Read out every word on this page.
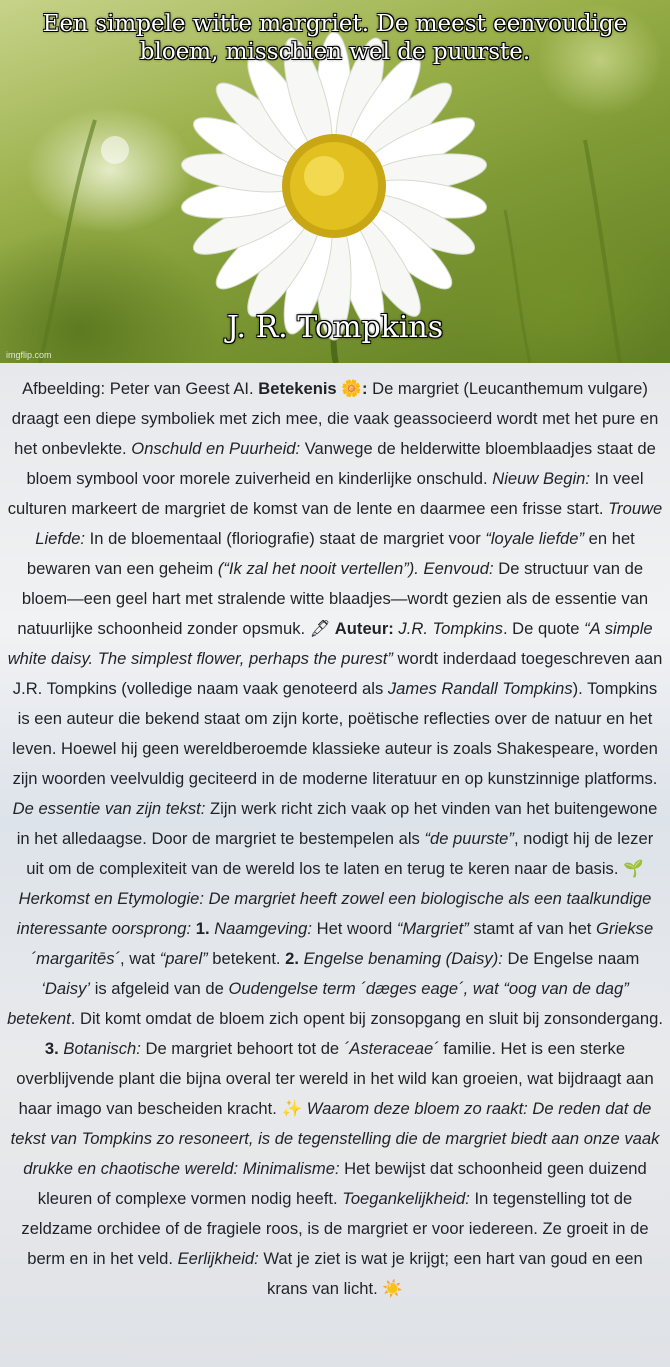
Een simpele witte margriet. De meest eenvoudige bloem, misschien wel de puurste.
J. R. Tompkins
imgflip.com
Afbeelding: Peter van Geest AI. Betekenis 🌼: De margriet (Leucanthemum vulgare) draagt een diepe symboliek met zich mee, die vaak geassocieerd wordt met het pure en het onbevlekte. Onschuld en Puurheid: Vanwege de helderwitte bloemblaadjes staat de bloem symbool voor morele zuiverheid en kinderlijke onschuld. Nieuw Begin: In veel culturen markeert de margriet de komst van de lente en daarmee een frisse start. Trouwe Liefde: In de bloementaal (floriografie) staat de margriet voor “loyale liefde” en het bewaren van een geheim (“Ik zal het nooit vertellen”). Eenvoud: De structuur van de bloem—een geel hart met stralende witte blaadjes—wordt gezien als de essentie van natuurlijke schoonheid zonder opsmuk. 🖋 Auteur: J.R. Tompkins. De quote “A simple white daisy. The simplest flower, perhaps the purest” wordt inderdaad toegeschreven aan J.R. Tompkins (volledige naam vaak genoteerd als James Randall Tompkins). Tompkins is een auteur die bekend staat om zijn korte, poëtische reflecties over de natuur en het leven. Hoewel hij geen wereldberoemde klassieke auteur is zoals Shakespeare, worden zijn woorden veelvuldig geciteerd in de moderne literatuur en op kunstzinnige platforms. De essentie van zijn tekst: Zijn werk richt zich vaak op het vinden van het buitengewone in het alledaagse. Door de margriet te bestempelen als “de puurste”, nodigt hij de lezer uit om de complexiteit van de wereld los te laten en terug te keren naar de basis. 🌱 Herkomst en Etymologie: De margriet heeft zowel een biologische als een taalkundige interessante oorsprong: 1. Naamgeving: Het woord “Margriet” stamt af van het Griekse ´margaritēs´, wat “parel” betekent. 2. Engelse benaming (Daisy): De Engelse naam ‘Daisy’ is afgeleid van de Oudengelse term ´dæges eage´, wat “oog van de dag” betekent. Dit komt omdat de bloem zich opent bij zonsopgang en sluit bij zonsondergang. 3. Botanisch: De margriet behoort tot de ´Asteraceae´ familie. Het is een sterke overblijvende plant die bijna overal ter wereld in het wild kan groeien, wat bijdraagt aan haar imago van bescheiden kracht. ✨ Waarom deze bloem zo raakt: De reden dat de tekst van Tompkins zo resoneert, is de tegenstelling die de margriet biedt aan onze vaak drukke en chaotische wereld: Minimalisme: Het bewijst dat schoonheid geen duizend kleuren of complexe vormen nodig heeft. Toegankelijkheid: In tegenstelling tot de zeldzame orchidee of de fragiele roos, is de margriet er voor iedereen. Ze groeit in de berm en in het veld. Eerlijkheid: Wat je ziet is wat je krijgt; een hart van goud en een krans van licht. ☀️
